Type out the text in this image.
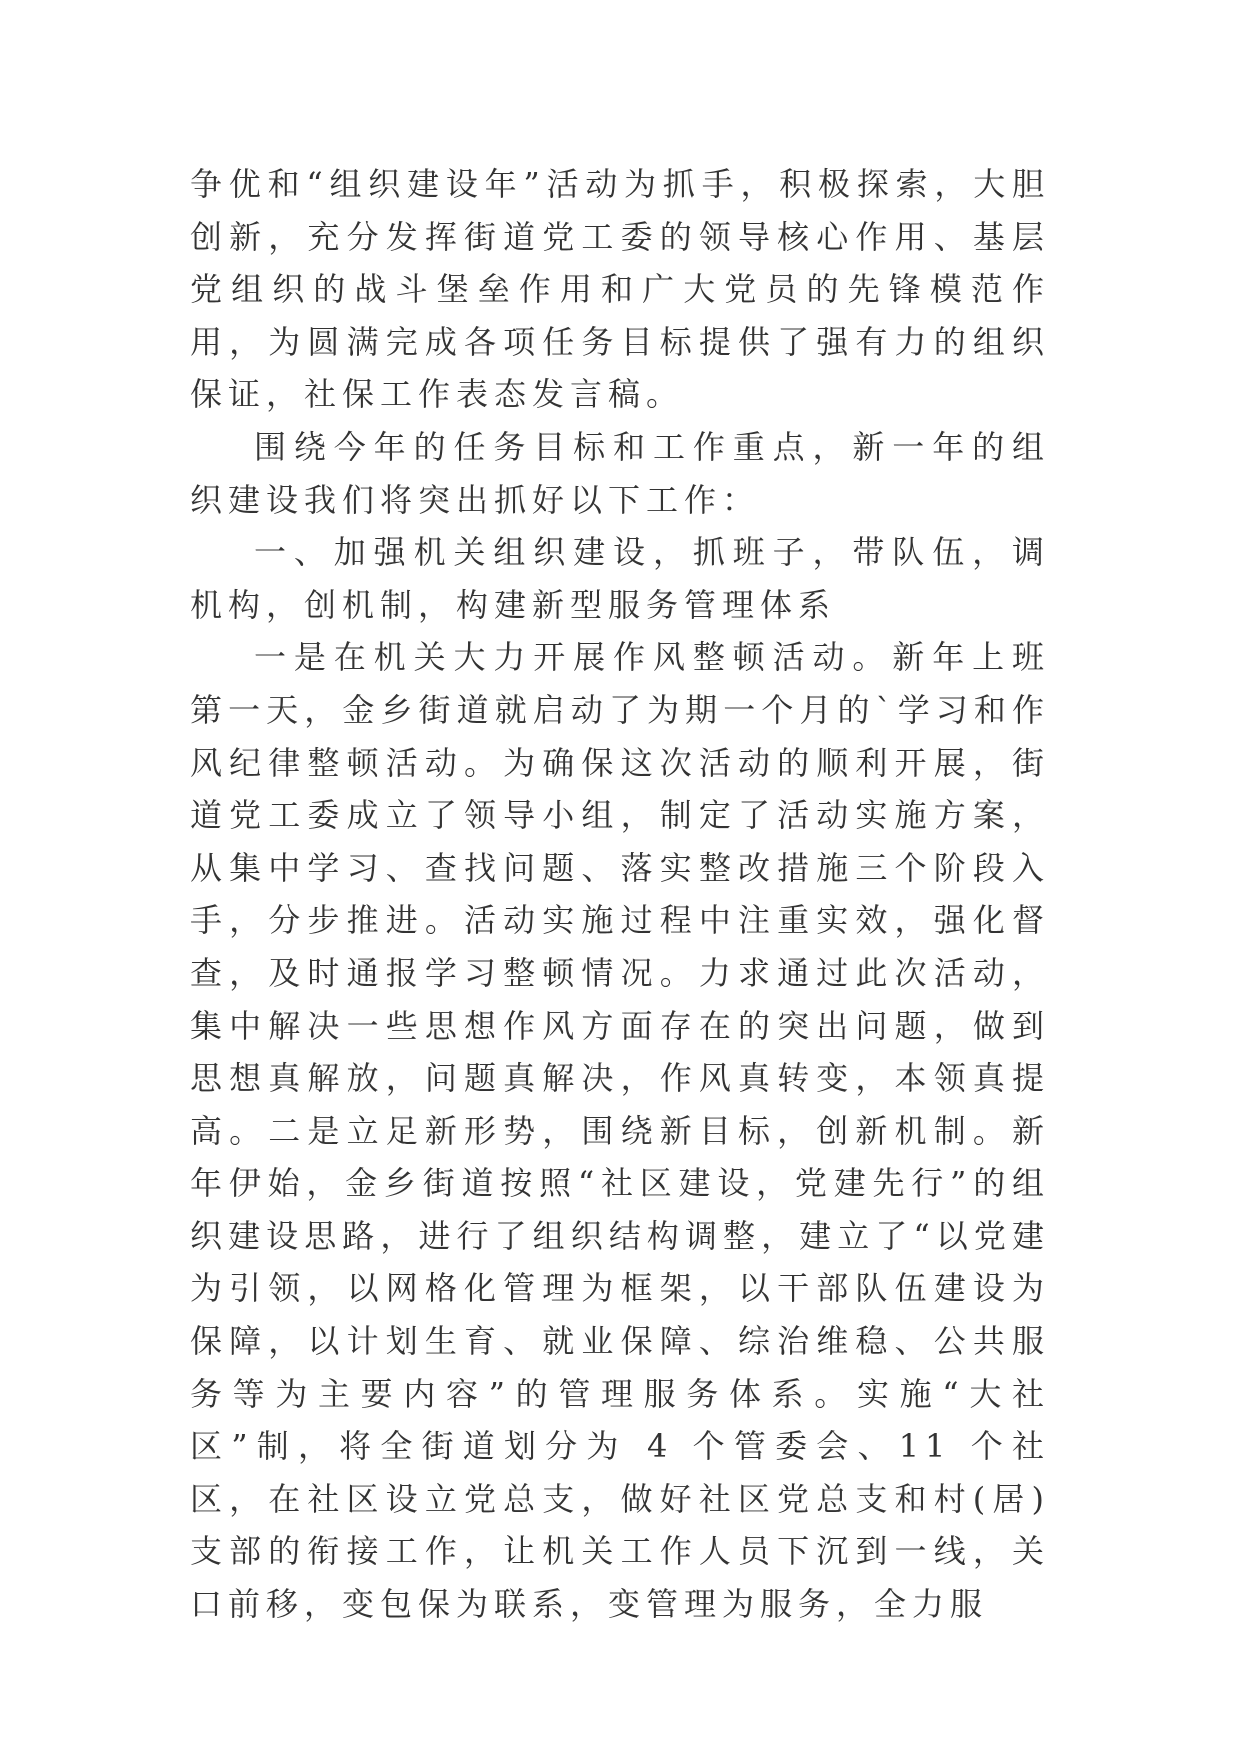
争优和“组织建设年”活动为抓手，积极探索，大胆创新，充分发挥街道党工委的领导核心作用、基层党组织的战斗堡垒作用和广大党员的先锋模范作用，为圆满完成各项任务目标提供了强有力的组织保证，社保工作表态发言稿。

围绕今年的任务目标和工作重点，新一年的组织建设我们将突出抓好以下工作：

一、加强机关组织建设，抓班子，带队伍，调机构，创机制，构建新型服务管理体系

一是在机关大力开展作风整顿活动。新年上班第一天，金乡街道就启动了为期一个月的`学习和作风纪律整顿活动。为确保这次活动的顺利开展，街道党工委成立了领导小组，制定了活动实施方案，从集中学习、查找问题、落实整改措施三个阶段入手，分步推进。活动实施过程中注重实效，强化督查，及时通报学习整顿情况。力求通过此次活动，集中解决一些思想作风方面存在的突出问题，做到思想真解放，问题真解决，作风真转变，本领真提高。二是立足新形势，围绕新目标，创新机制。新年伊始，金乡街道按照“社区建设，党建先行”的组织建设思路，进行了组织结构调整，建立了“以党建为引领，以网格化管理为框架，以干部队伍建设为保障，以计划生育、就业保障、综治维稳、公共服务等为主要内容”的管理服务体系。实施“大社区”制，将全街道划分为 4 个管委会、11 个社区，在社区设立党总支，做好社区党总支和村(居)支部的衔接工作，让机关工作人员下沉到一线，关口前移，变包保为联系，变管理为服务，全力服
